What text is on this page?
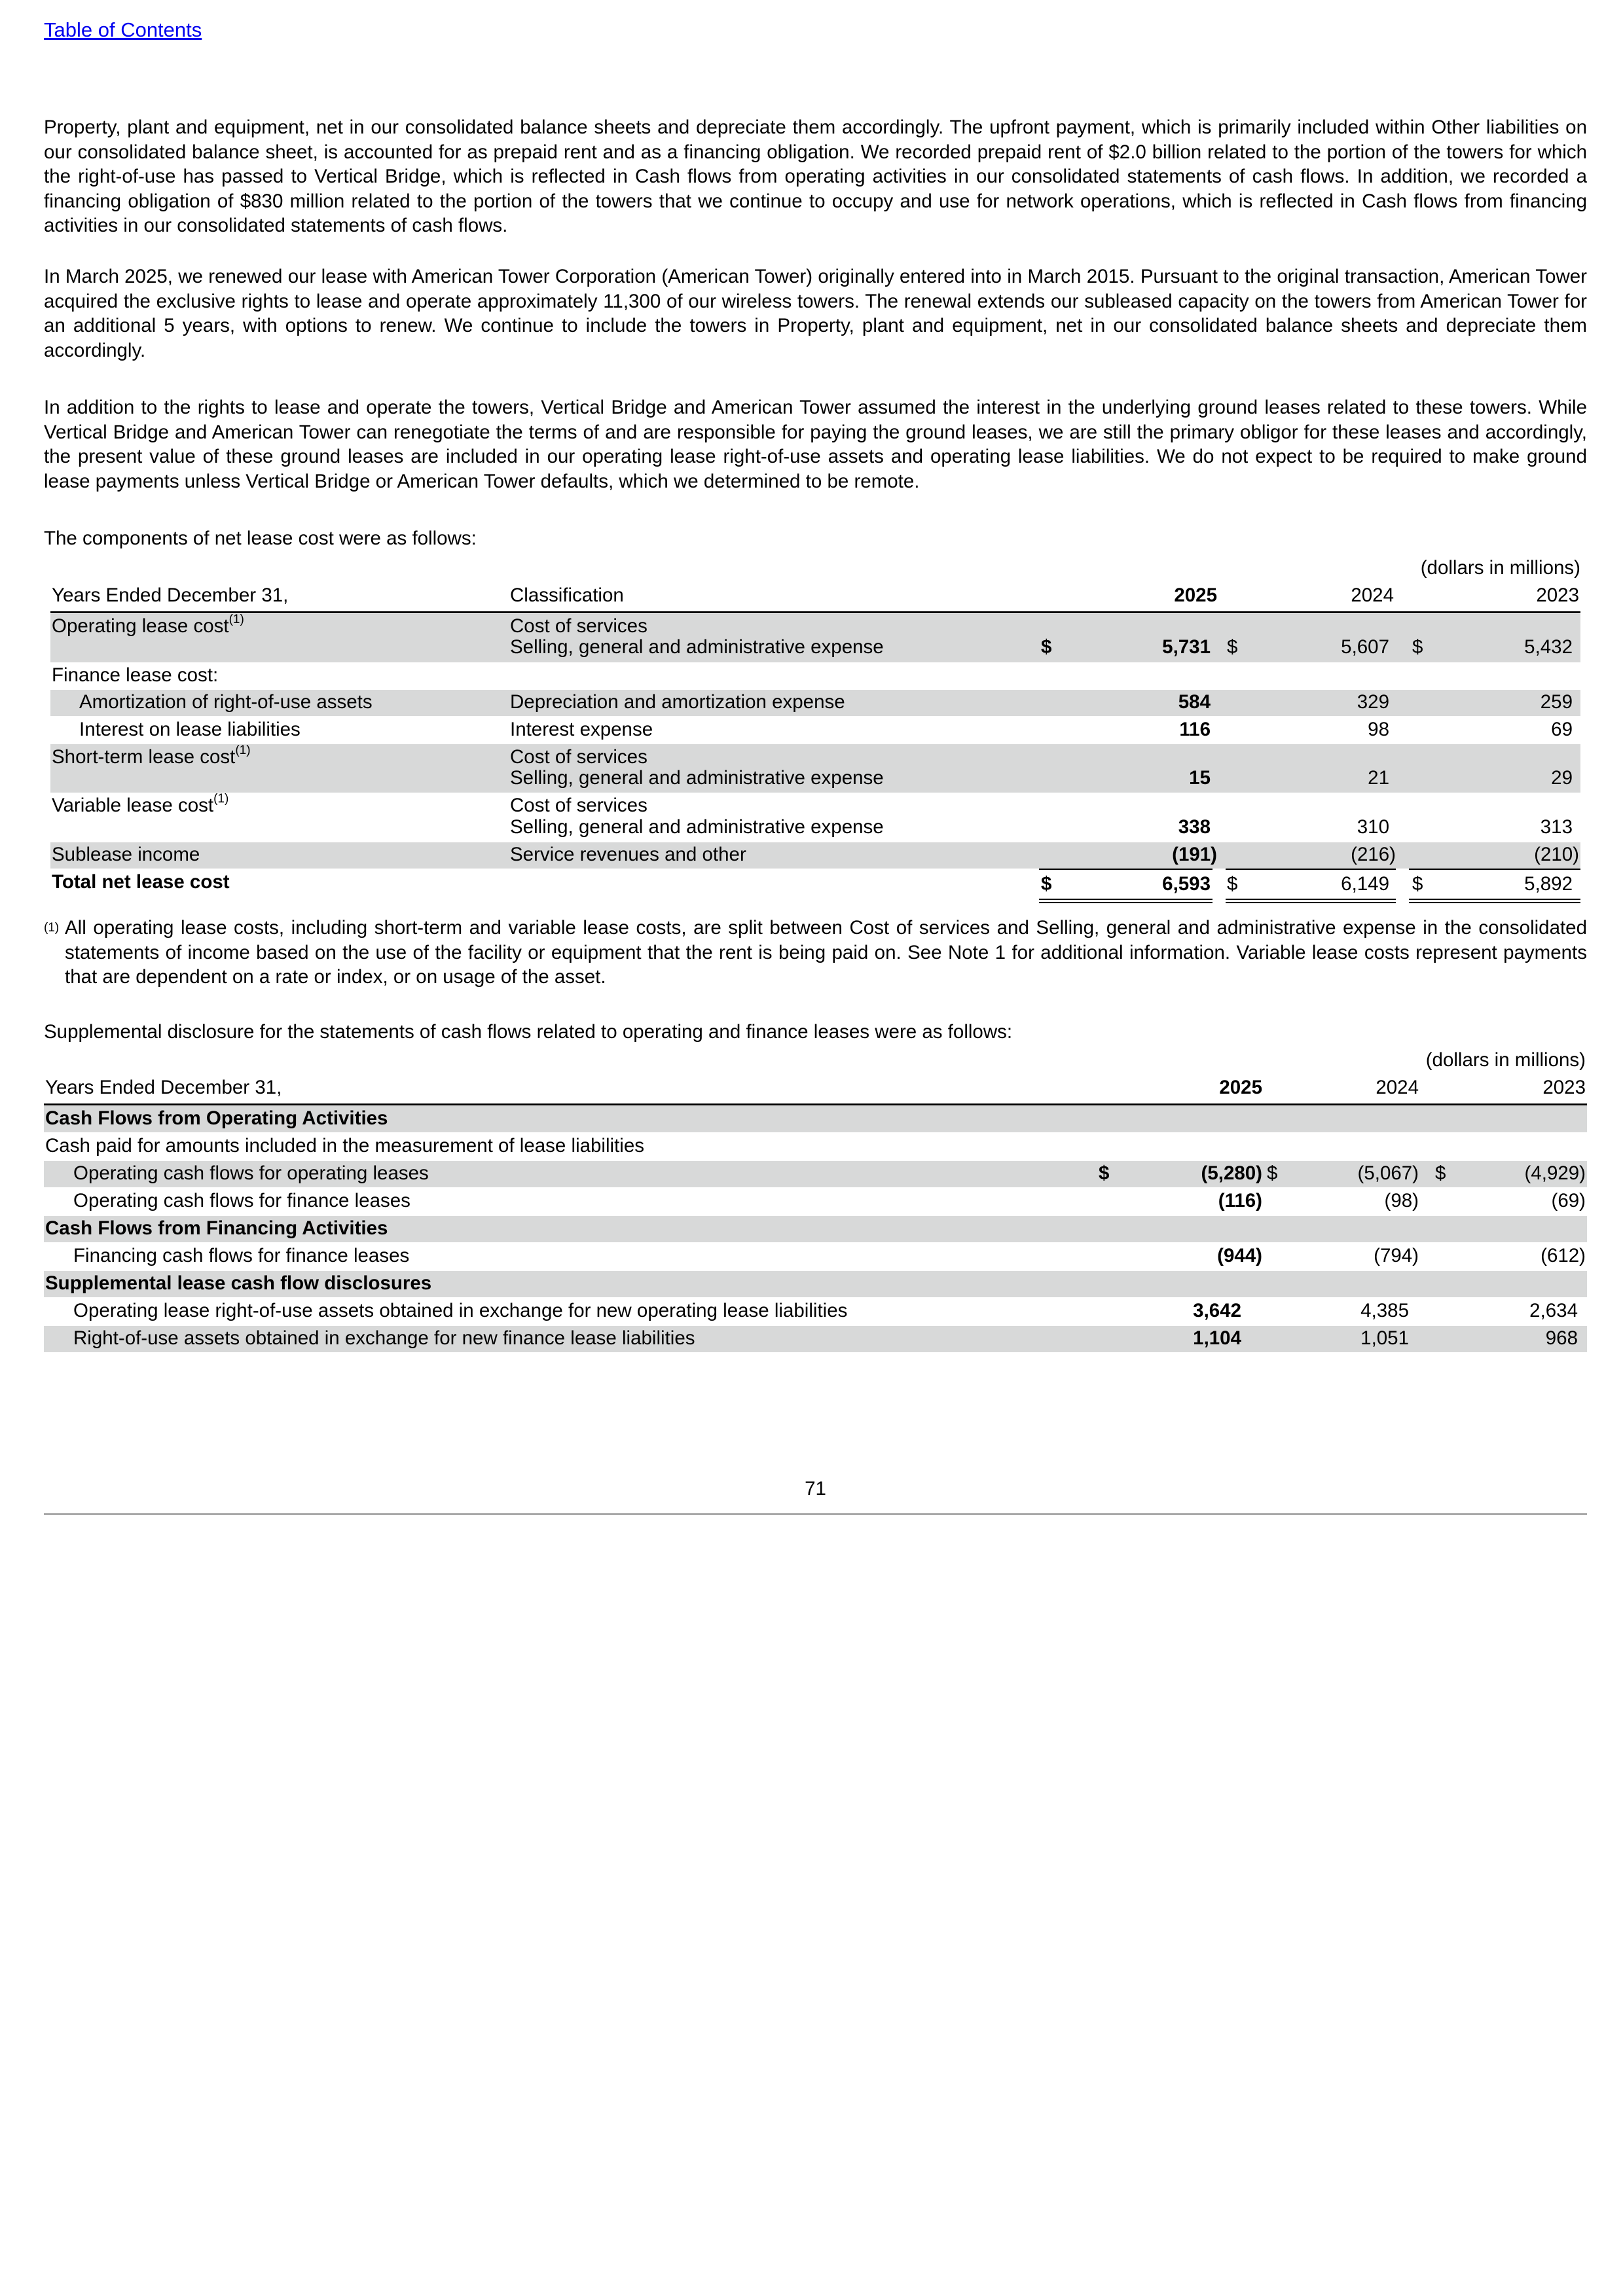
Table of Contents

Property, plant and equipment, net in our consolidated balance sheets and depreciate them accordingly. The upfront payment, which is primarily included within Other liabilities on our consolidated balance sheet, is accounted for as prepaid rent and as a financing obligation. We recorded prepaid rent of $2.0 billion related to the portion of the towers for which the right-of-use has passed to Vertical Bridge, which is reflected in Cash flows from operating activities in our consolidated statements of cash flows. In addition, we recorded a financing obligation of $830 million related to the portion of the towers that we continue to occupy and use for network operations, which is reflected in Cash flows from financing activities in our consolidated statements of cash flows.

In March 2025, we renewed our lease with American Tower Corporation (American Tower) originally entered into in March 2015. Pursuant to the original transaction, American Tower acquired the exclusive rights to lease and operate approximately 11,300 of our wireless towers. The renewal extends our subleased capacity on the towers from American Tower for an additional 5 years, with options to renew. We continue to include the towers in Property, plant and equipment, net in our consolidated balance sheets and depreciate them accordingly.

In addition to the rights to lease and operate the towers, Vertical Bridge and American Tower assumed the interest in the underlying ground leases related to these towers. While Vertical Bridge and American Tower can renegotiate the terms of and are responsible for paying the ground leases, we are still the primary obligor for these leases and accordingly, the present value of these ground leases are included in our operating lease right-of-use assets and operating lease liabilities. We do not expect to be required to make ground lease payments unless Vertical Bridge or American Tower defaults, which we determined to be remote.

The components of net lease cost were as follows:

(dollars in millions)
Years Ended December 31,	Classification	2025	2024	2023
Operating lease cost$^{(1)}$	Cost of services
Selling, general and administrative expense	$	5,731 $	5,607 $	5,432
Finance lease cost:
Amortization of right-of-use assets	Depreciation and amortization expense	584	329	259
Interest on lease liabilities	Interest expense	116	98	69
Short-term lease cost$^{(1)}$	Cost of services
Selling, general and administrative expense	15	21	29
Variable lease cost$^{(1)}$	Cost of services
Selling, general and administrative expense	338	310	313
Sublease income	Service revenues and other	(191)	(216)	(210)
Total net lease cost	$	6,593 $	6,149 $	5,892
(1) All operating lease costs, including short-term and variable lease costs, are split between Cost of services and Selling, general and administrative expense in the consolidated statements of income based on the use of the facility or equipment that the rent is being paid on. See Note 1 for additional information. Variable lease costs represent payments that are dependent on a rate or index, or on usage of the asset.

Supplemental disclosure for the statements of cash flows related to operating and finance leases were as follows:

(dollars in millions)
Years Ended December 31,	2025	2024	2023
Cash Flows from Operating Activities
Cash paid for amounts included in the measurement of lease liabilities
Operating cash flows for operating leases	$	(5,280) $	(5,067) $	(4,929)
Operating cash flows for finance leases	(116)	(98)	(69)
Cash Flows from Financing Activities
Financing cash flows for finance leases	(944)	(794)	(612)
Supplemental lease cash flow disclosures
Operating lease right-of-use assets obtained in exchange for new operating lease liabilities	3,642	4,385	2,634
Right-of-use assets obtained in exchange for new finance lease liabilities	1,104	1,051	968
71
